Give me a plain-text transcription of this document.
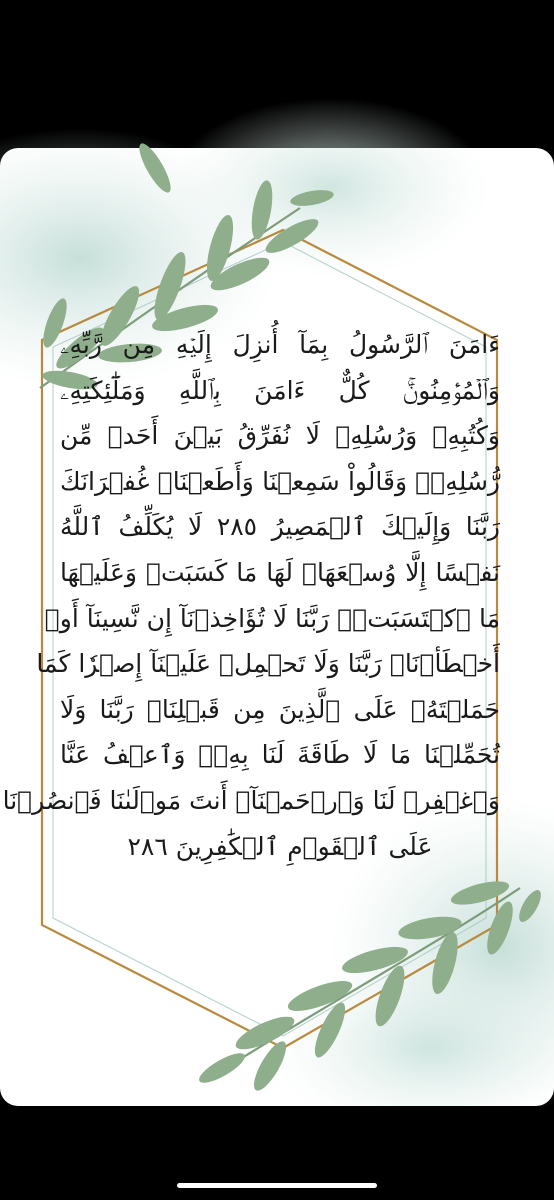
ءَامَنَ ٱلرَّسُولُ بِمَآ أُنزِلَ إِلَيۡهِ مِن رَّبِّهِۦ
وَٱلۡمُؤۡمِنُونَۚ كُلٌّ ءَامَنَ بِٱللَّهِ وَمَلَٰٓئِكَتِهِۦ
وَكُتُبِهِۦ وَرُسُلِهِۦ لَا نُفَرِّقُ بَيۡنَ أَحَدٖ مِّن
رُّسُلِهِۦۚ وَقَالُواْ سَمِعۡنَا وَأَطَعۡنَاۖ غُفۡرَانَكَ
رَبَّنَا وَإِلَيۡكَ ٱلۡمَصِيرُ ٢٨٥ لَا يُكَلِّفُ ٱللَّهُ
نَفۡسًا إِلَّا وُسۡعَهَاۚ لَهَا مَا كَسَبَتۡ وَعَلَيۡهَا
مَا ٱكۡتَسَبَتۡۗ رَبَّنَا لَا تُؤَاخِذۡنَآ إِن نَّسِينَآ أَوۡ
أَخۡطَأۡنَاۚ رَبَّنَا وَلَا تَحۡمِلۡ عَلَيۡنَآ إِصۡرٗا كَمَا
حَمَلۡتَهُۥ عَلَى ٱلَّذِينَ مِن قَبۡلِنَاۚ رَبَّنَا وَلَا
تُحَمِّلۡنَا مَا لَا طَاقَةَ لَنَا بِهِۦۖ وَٱعۡفُ عَنَّا
وَٱغۡفِرۡ لَنَا وَٱرۡحَمۡنَآۚ أَنتَ مَوۡلَىٰنَا فَٱنصُرۡنَا
عَلَى ٱلۡقَوۡمِ ٱلۡكَٰفِرِينَ ٢٨٦
